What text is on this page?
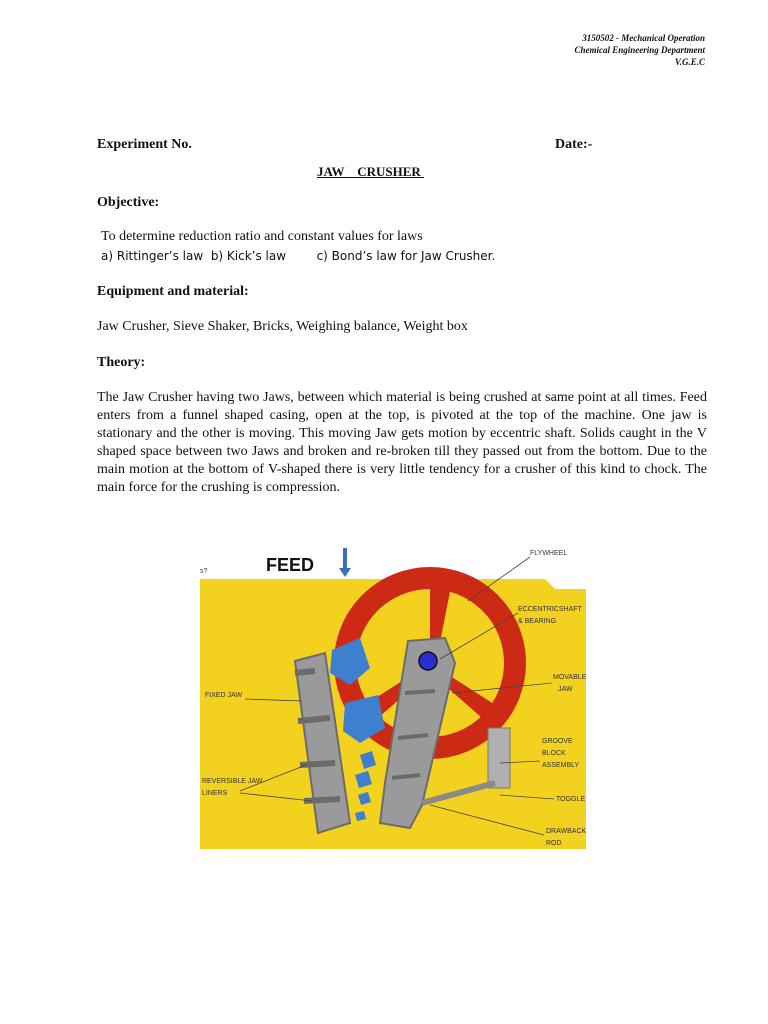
3150502 - Mechanical Operation
Chemical Engineering Department
V.G.E.C
Experiment No.	Date:-
JAW    CRUSHER
Objective:
To determine reduction ratio and constant values for laws
a) Rittinger’s law  b) Kick’s law        c) Bond’s law for Jaw Crusher.
Equipment and material:
Jaw Crusher, Sieve Shaker, Bricks, Weighing balance, Weight box
Theory:
The Jaw Crusher having two Jaws, between which material is being crushed at same point at all times. Feed enters from a funnel shaped casing, open at the top, is pivoted at the top of the machine. One jaw is stationary and the other is moving. This moving Jaw gets motion by eccentric shaft. Solids caught in the V shaped space between two Jaws and broken and re-broken till they passed out from the bottom. Due to the main motion at the bottom of V-shaped there is very little tendency for a crusher of this kind to chock. The main force for the crushing is compression.
s?	FEED
FLYWHEEL
ECCENTRICSHAFT
& BEARING
MOVABLE
JAW
FIXED JAW
GROOVE
BLOCK
ASSEMBLY
REVERSIBLE JAW
LINERS
TOGGLE
DRAWBACK
ROD
